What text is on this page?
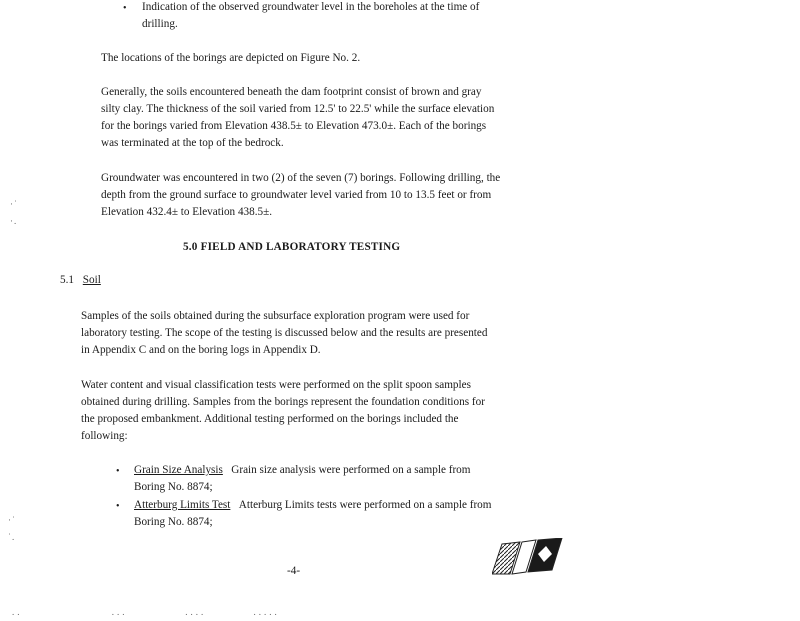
• Indication of the observed groundwater level in the boreholes at the time of
drilling.
The locations of the borings are depicted on Figure No. 2.
Generally, the soils encountered beneath the dam footprint consist of brown and gray
silty clay. The thickness of the soil varied from 12.5' to 22.5' while the surface elevation
for the borings varied from Elevation 438.5± to Elevation 473.0±. Each of the borings
was terminated at the top of the bedrock.
Groundwater was encountered in two (2) of the seven (7) borings. Following drilling, the
depth from the ground surface to groundwater level varied from 10 to 13.5 feet or from
Elevation 432.4± to Elevation 438.5±.
5.0 FIELD AND LABORATORY TESTING
5.1 Soil
Samples of the soils obtained during the subsurface exploration program were used for
laboratory testing. The scope of the testing is discussed below and the results are presented
in Appendix C and on the boring logs in Appendix D.
Water content and visual classification tests were performed on the split spoon samples
obtained during drilling. Samples from the borings represent the foundation conditions for
the proposed embankment. Additional testing performed on the borings included the
following:
• Grain Size Analysis Grain size analysis were performed on a sample from
Boring No. 8874;
• Atterburg Limits Test Atterburg Limits tests were performed on a sample from
Boring No. 8874;
-4-
·˙
·.
·˙
˙.
..                 ...           ....         .....
